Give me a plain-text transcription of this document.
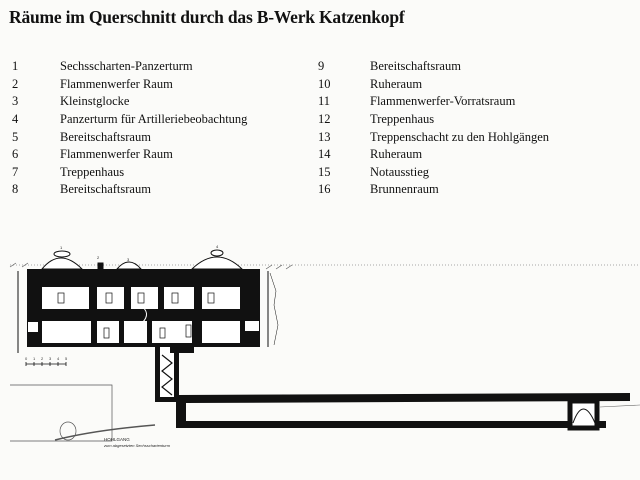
Räume im Querschnitt durch das B-Werk Katzenkopf
1	Sechsscharten-Panzerturm
2	Flammenwerfer Raum
3	Kleinstglocke
4	Panzerturm für Artilleriebeobachtung
5	Bereitschaftsraum
6	Flammenwerfer Raum
7	Treppenhaus
8	Bereitschaftsraum
9	Bereitschaftsraum
10	Ruheraum
11	Flammenwerfer-Vorratsraum
12	Treppenhaus
13	Treppenschacht zu den Hohlgängen
14	Ruheraum
15	Notausstieg
16	Brunnenraum
1
2	3
4
0 1 2 3 4 5
HOHLGANG
zum abgesetzten Sechsschartenturm
